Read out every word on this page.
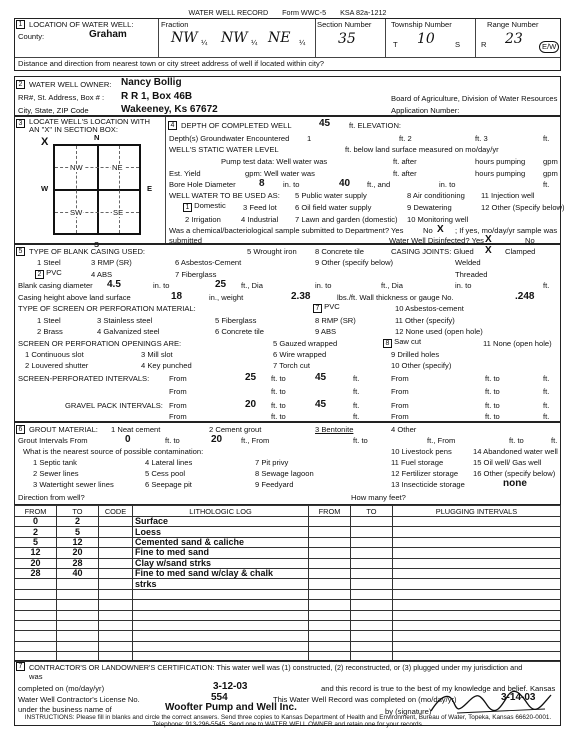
WATER WELL RECORD Form WWC-5 KSA 82a-1212
1 LOCATION OF WATER WELL:
County:	Graham
Fraction
NW ¼ NW ¼ NE ¼
Section Number
35
Township Number
T 10	S
Range Number
R 23	E/W
Distance and direction from nearest town or city street address of well if located within city?
2 WATER WELL OWNER: Nancy Bollig
RR#, St. Address, Box # : R R 1, Box 46B
City, State, ZIP Code	Wakeeney, Ks 67672
Board of Agriculture, Division of Water Resources
Application Number:
3 LOCATE WELL'S LOCATION WITH
AN "X" IN SECTION BOX:
X	N
S
W	E
NW	NE
SW	SE
4 DEPTH OF COMPLETED WELL	45 ft. ELEVATION:
Depth(s) Groundwater Encountered 1	ft. 2	ft. 3	ft.
WELL'S STATIC WATER LEVEL	ft. below land surface measured on mo/day/yr
Pump test data: Well water was	ft. after	hours pumping gpm
Est. Yield	gpm: Well water was	ft. after	hours pumping gpm
Bore Hole Diameter 8 in. to	40 ft., and	in. to	ft.
WELL WATER TO BE USED AS: 5 Public water supply	8 Air conditioning 11 Injection well
1 Domestic 3 Feed lot 6 Oil field water supply	9 Dewatering	12 Other (Specify below)
2 Irrigation	4 Industrial 7 Lawn and garden (domestic) 10 Monitoring well
Was a chemical/bacteriological sample submitted to Department? Yes	No X ; If yes, mo/day/yr sample was
submitted	Water Well Disinfected? Yes X	No
5 TYPE OF BLANK CASING USED:	5 Wrought iron 8 Concrete tile	CASING JOINTS: Glued X Clamped
1 Steel	3 RMP (SR)	6 Asbestos-Cement	9 Other (specify below)	Welded
2 PVC	4 ABS	7 Fiberglass	Threaded
Blank casing diameter 4.5	in. to	25 ft., Dia	in. to	ft., Dia	in. to	ft.
Casing height above land surface	18	in., weight	2.38	lbs./ft. Wall thickness or gauge No.	.248
TYPE OF SCREEN OR PERFORATION MATERIAL:	7 PVC	10 Asbestos-cement
1 Steel	3 Stainless steel	5 Fiberglass	8 RMP (SR)	11 Other (specify)
2 Brass	4 Galvanized steel	6 Concrete tile	9 ABS	12 None used (open hole)
SCREEN OR PERFORATION OPENINGS ARE:	5 Gauzed wrapped	8 Saw cut	11 None (open hole)
1 Continuous slot	3 Mill slot	6 Wire wrapped	9 Drilled holes
2 Louvered shutter	4 Key punched	7 Torch cut	10 Other (specify)
SCREEN-PERFORATED INTERVALS:	From	25 ft. to	45	ft.	From	ft. to	ft.
From	ft. to	ft.	From	ft. to	ft.
GRAVEL PACK INTERVALS: From	20 ft. to	45	ft.	From	ft. to	ft.
From	ft. to	ft.	From	ft. to	ft.
6 GROUT MATERIAL: 1 Neat cement	2 Cement grout	3 Bentonite	4 Other
Grout Intervals From	0	ft. to	20 ft., From	ft. to	ft., From	ft. to	ft.
What is the nearest source of possible contamination:	10 Livestock pens	14 Abandoned water well
1 Septic tank	4 Lateral lines	7 Pit privy	11 Fuel storage	15 Oil well/ Gas well
2 Sewer lines	5 Cess pool	8 Sewage lagoon	12 Fertilizer storage 16 Other (specify below)
3 Watertight sewer lines	6 Seepage pit	9 Feedyard	13 Insecticide storage	none
Direction from well?	How many feet?
FROM	TO	CODE	LITHOLOGIC LOG	FROM	TO	PLUGGING INTERVALS
0	2		Surface			
2	5		Loess			
5	12		Cemented sand & caliche			
12	20		Fine to med sand			
20	28		Clay w/sand strks			
28	40		Fine to med sand w/clay & chalk			
			strks			

7 CONTRACTOR'S OR LANDOWNER'S CERTIFICATION: This water well was (1) constructed, (2) reconstructed, or (3) plugged under my jurisdiction and
was
completed on (mo/day/yr)	3-12-03	and this record is true to the best of my knowledge and belief. Kansas
Water Well Contractor's License No.	554	This Water Well Record was completed on (mo/day/yr)	3-14-03
under the business name of	Woofter Pump and Well Inc.	by (signature)
INSTRUCTIONS: Please fill in blanks and circle the correct answers. Send three copies to Kansas Department of Health and Environment, Bureau of Water, Topeka, Kansas 66620-0001. Telephone: 913-296-5545. Send one to WATER WELL OWNER and retain one for your records.
